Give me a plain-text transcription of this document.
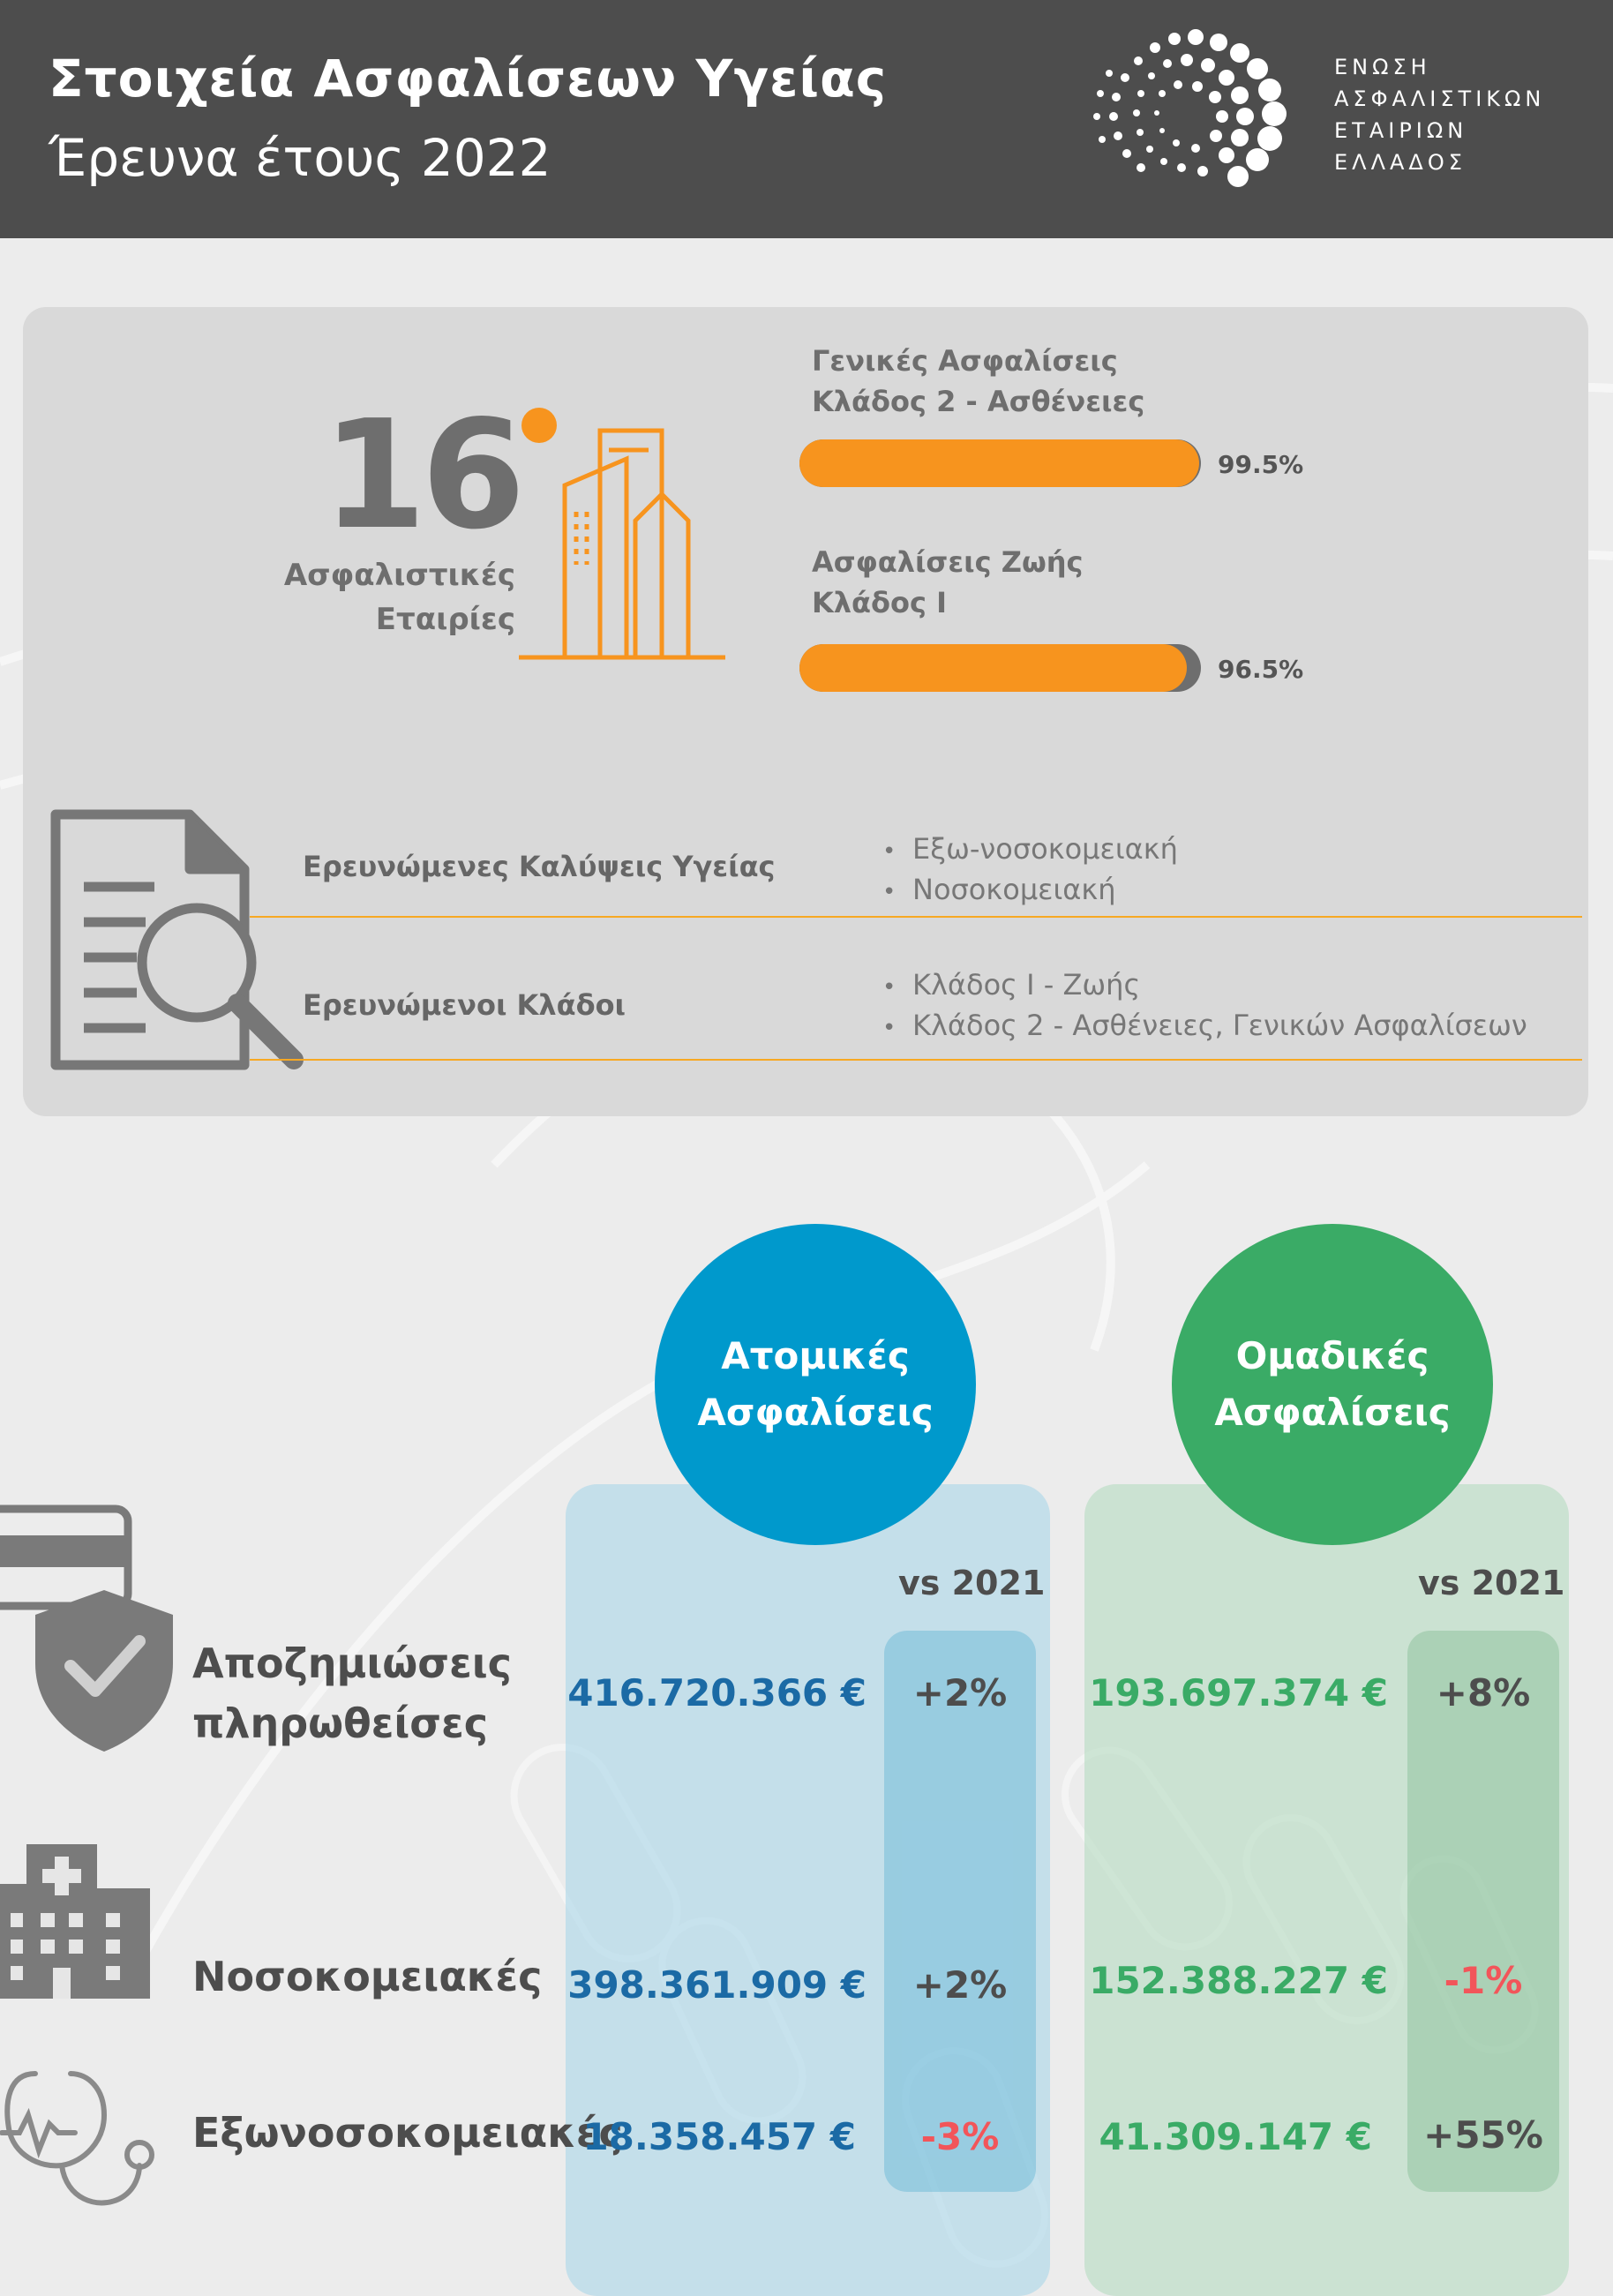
Στοιχεία Ασφαλίσεων Υγείας
Έρευνα έτους 2022
ΕΝΩΣΗ
ΑΣΦΑΛΙΣΤΙΚΩΝ
ΕΤΑΙΡΙΩΝ
ΕΛΛΑΔΟΣ
16
Ασφαλιστικές
Εταιρίες
Γενικές Ασφαλίσεις
Κλάδος 2 - Ασθένειες
99.5%
Ασφαλίσεις Ζωής
Κλάδος Ι
96.5%
Ερευνώμενες Καλύψεις Υγείας
• Εξω-νοσοκομειακή
• Νοσοκομειακή
Ερευνώμενοι Κλάδοι
• Κλάδος Ι - Ζωής
• Κλάδος 2 - Ασθένειες, Γενικών Ασφαλίσεων
Ατομικές
Ασφαλίσεις
Ομαδικές
Ασφαλίσεις
vs 2021	vs 2021
Αποζημιώσεις
πληρωθείσες
Νοσοκομειακές
Εξωνοσοκομειακές
416.720.366 €
398.361.909 €
18.358.457 €
+2%
+2%
-3%
193.697.374 €
152.388.227 €
41.309.147 €
+8%
-1%
+55%
